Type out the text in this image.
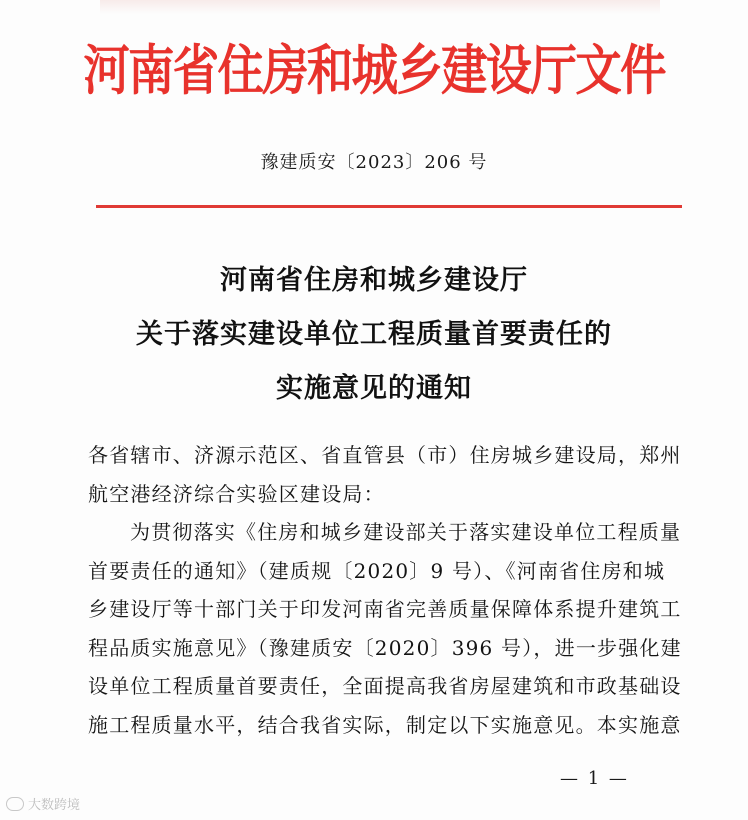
河南省住房和城乡建设厅文件
豫建质安〔2023〕206 号
河南省住房和城乡建设厅
关于落实建设单位工程质量首要责任的
实施意见的通知
各省辖市、济源示范区、省直管县（市）住房城乡建设局，郑州
航空港经济综合实验区建设局：
为贯彻落实《住房和城乡建设部关于落实建设单位工程质量
首要责任的通知》（建质规〔2020〕9 号）、《河南省住房和城
乡建设厅等十部门关于印发河南省完善质量保障体系提升建筑工
程品质实施意见》（豫建质安〔2020〕396 号），进一步强化建
设单位工程质量首要责任，全面提高我省房屋建筑和市政基础设
施工程质量水平，结合我省实际，制定以下实施意见。本实施意
— 1 —
大数跨境
